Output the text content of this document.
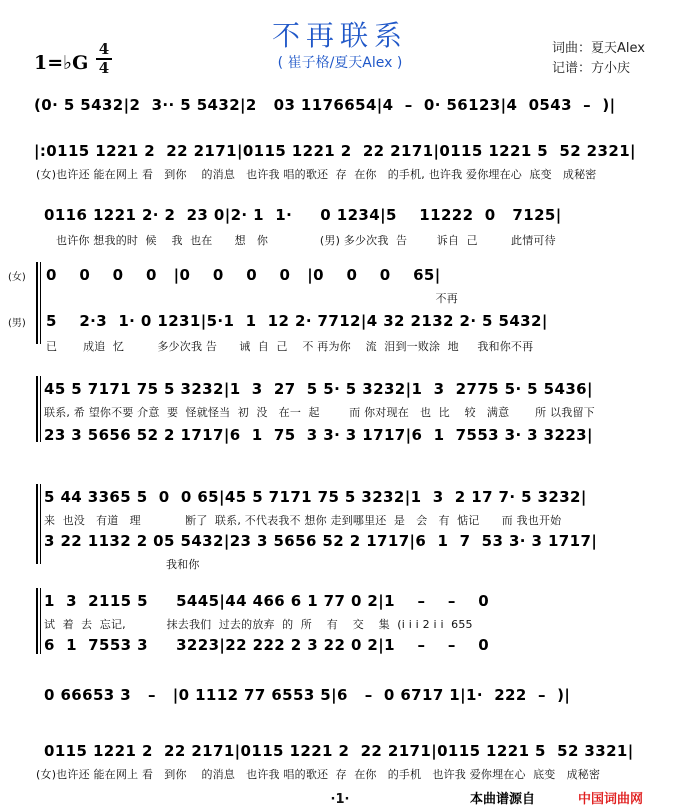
不再联系
( 崔子格/夏天Alex )
1=♭G
4
4
词曲：夏天Alex
记谱：方小庆
(0· 5 5432|2  3·· 5 5432|2   03 1176654|4  –  0· 56123|4  0543  –  )|
|:0115 1221 2  22 2171|0115 1221 2  22 2171|0115 1221 5  52 2321|
(女)也许还 能在网上 看   到你    的消息   也许我 唱的歌还  存  在你   的手机, 也许我 爱你埋在心  底变   成秘密
0116 1221 2· 2  23 0|2· 1  1·     0 1234|5    11222  0   7125|
也许你 想我的时  候    我  也在      想   你              (男) 多少次我  告        诉自  己         此情可待
(女) 0    0    0    0   |0    0    0    0   |0    0    0    65|
不再
(男) 5    2·3  1· 0 1231|5·1  1  12 2· 7712|4 32 2132 2· 5 5432|
已       成追  忆         多少次我 告      诫  自  己    不 再为你    流  泪到一败涂  地     我和你不再
45 5 7171 75 5 3232|1  3  27  5 5· 5 3232|1  3  2775 5· 5 5436|
联系, 希 望你不要 介意  要  怪就怪当  初  没   在一  起        而 你对现在   也  比    较   满意       所 以我留下
23 3 5656 52 2 1717|6  1  75  3 3· 3 1717|6  1  7553 3· 3 3223|
5 44 3365 5  0  0 65|45 5 7171 75 5 3232|1  3  2 17 7· 5 3232|
来  也没   有道   理            断了  联系, 不代表我不 想你 走到哪里还  是   会   有  惦记      而 我也开始
3 22 1132 2 05 5432|23 3 5656 52 2 1717|6  1  7  53 3· 3 1717|
我和你
1  3  2115 5     5445|44 466 6 1 77 0 2|1    –    –    0
试  着  去  忘记,           抹去我们  过去的放弃  的  所    有    交    集  (i i i 2 i i  655
6  1  7553 3     3223|22 222 2 3 22 0 2|1    –    –    0
0 66653 3   –   |0 1112 77 6553 5|6   –  0 6717 1|1·  222  –  )|
0115 1221 2  22 2171|0115 1221 2  22 2171|0115 1221 5  52 3321|
(女)也许还 能在网上 看   到你    的消息   也许我 唱的歌还  存  在你   的手机   也许我 爱你埋在心  底变   成秘密
·1·	本曲谱源自	中国词曲网
